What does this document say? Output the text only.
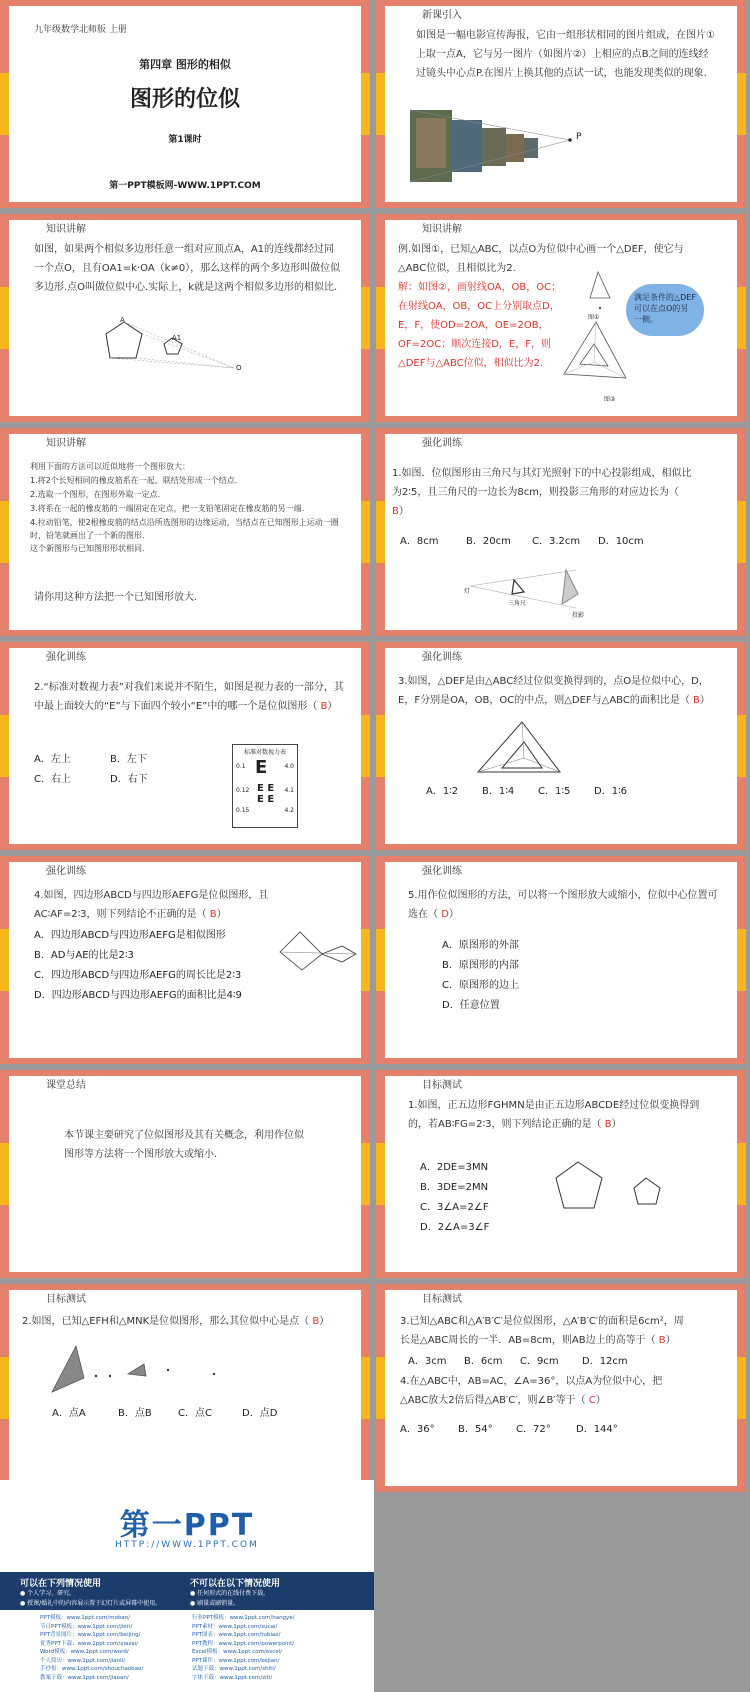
九年级数学北师版 上册
第四章 图形的相似
图形的位似
第1课时
第一PPT模板网-WWW.1PPT.COM
新课引入
如图是一幅电影宣传海报，它由一组形状相同的图片组成，在图片①上取一点A，它与另一图片（如图片②）上相应的点B之间的连线经过镜头中心点P.在图片上换其他的点试一试，也能发现类似的现象.
P
知识讲解
如图，如果两个相似多边形任意一组对应顶点A，A1的连线都经过同一个点O，且有OA1=k·OA（k≠0），那么这样的两个多边形叫做位似多边形.点O叫做位似中心.实际上，k就是这两个相似多边形的相似比.
A
A1
O
知识讲解
例.如图①，已知△ABC，以点O为位似中心画一个△DEF，使它与△ABC位似，且相似比为2.
解：如图②，画射线OA，OB，OC；在射线OA，OB，OC上分别取点D，E，F，使OD=2OA，OE=2OB，OF=2OC；顺次连接D，E，F，则△DEF与△ABC位似，相似比为2.
图①
图②
满足条件的△DEF可以在点O的另一侧。
知识讲解
利用下面的方法可以近似地将一个图形放大：
1.将2个长短相同的橡皮筋系在一起，联结处形成一个结点.
2.选取一个图形，在图形外取一定点.
3.将系在一起的橡皮筋的一端固定在定点，把一支铅笔固定在橡皮筋的另一端.
4.拉动铅笔，使2根橡皮筋的结点沿所选图形的边缘运动，当结点在已知图形上运动一圈时，铅笔就画出了一个新的图形.
这个新图形与已知图形形状相同.
请你用这种方法把一个已知图形放大.
强化训练
1.如图．位似图形由三角尺与其灯光照射下的中心投影组成，相似比为2∶5，且三角尺的一边长为8cm，则投影三角形的对应边长为（ B）
A．8cm	B．20cm C．3.2cm D．10cm
灯
三角尺
投影
强化训练
2.“标准对数视力表”对我们来说并不陌生，如图是视力表的一部分，其中最上面较大的“E”与下面四个较小“E”中的哪一个是位似图形（ B）
A．左上	B．左下
C．右上	D．右下
标准对数视力表
E
E E
E E
0.1	4.0
0.12	4.1
0.15	4.2
强化训练
3.如图，△DEF是由△ABC经过位似变换得到的，点O是位似中心，D，E，F分别是OA，OB，OC的中点，则△DEF与△ABC的面积比是（ B）
A．1∶2 B．1∶4 C．1∶5 D．1∶6
强化训练
4.如图，四边形ABCD与四边形AEFG是位似图形，且AC∶AF=2∶3，则下列结论不正确的是（ B）
A．四边形ABCD与四边形AEFG是相似图形
B．AD与AE的比是2∶3
C．四边形ABCD与四边形AEFG的周长比是2∶3
D．四边形ABCD与四边形AEFG的面积比是4∶9
强化训练
5.用作位似图形的方法，可以将一个图形放大或缩小，位似中心位置可选在（ D）
A．原图形的外部
B．原图形的内部
C．原图形的边上
D．任意位置
课堂总结
本节课主要研究了位似图形及其有关概念，利用作位似图形等方法将一个图形放大或缩小.
目标测试
1.如图，正五边形FGHMN是由正五边形ABCDE经过位似变换得到的，若AB∶FG=2∶3，则下列结论正确的是（ B）
A．2DE=3MN
B．3DE=2MN
C．3∠A=2∠F
D．2∠A=3∠F
目标测试
2.如图，已知△EFH和△MNK是位似图形，那么其位似中心是点（ B）
A．点A	B．点B	C．点C	D．点D
目标测试
3.已知△ABC和△A′B′C′是位似图形，△A′B′C′的面积是6cm²，周长是△ABC周长的一半．AB=8cm，则AB边上的高等于（ B）
A．3cm B．6cm C．9cm D．12cm
4.在△ABC中，AB=AC，∠A=36°，以点A为位似中心，把△ABC放大2倍后得△AB′C′，则∠B′等于（ C）
A．36° B．54° C．72°	D．144°
第一PPT
HTTP://WWW.1PPT.COM
可以在下列情况使用
● 个人学习、研究。
● 授课/婚礼中的内容展示置于幻灯片或屏幕中使用。
不可以在以下情况使用
● 任何形式的在线付费下载。
● 刷量或刷销量。
PPT模板：www.1ppt.com/moban/
节日PPT模板：www.1ppt.com/jieri/
PPT背景图片：www.1ppt.com/beijing/
优秀PPT下载：www.1ppt.com/xiazai/
Word模板：www.1ppt.com/word/
个人简历：www.1ppt.com/jianli/
手抄报：www.1ppt.com/shouchaobao/
教案下载：www.1ppt.com/jiaoan/
行业PPT模板：www.1ppt.com/hangye/
PPT素材：www.1ppt.com/sucai/
PPT图表：www.1ppt.com/tubiao/
PPT教程：www.1ppt.com/powerpoint/
Excel模板：www.1ppt.com/excel/
PPT课件：www.1ppt.com/kejian/
试题下载：www.1ppt.com/shiti/
字体下载：www.1ppt.com/ziti/
